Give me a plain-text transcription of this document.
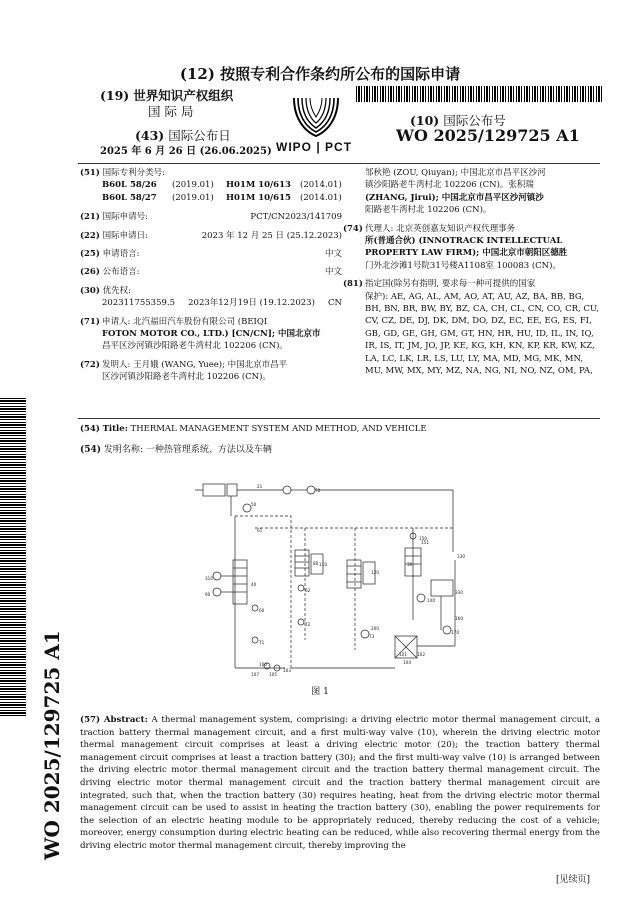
(12) 按照专利合作条约所公布的国际申请
(19) 世界知识产权组织
国 际 局
(43) 国际公布日
2025 年 6 月 26 日 (26.06.2025) WIPO | PCT
(10) 国际公布号
WO 2025/129725 A1
(51) 国际专利分类号:
B60L 58/26	(2019.01)	H01M 10/613	(2014.01)
B60L 58/27	(2019.01)	H01M 10/615	(2014.01)
(21) 国际申请号:	PCT/CN2023/141709
(22) 国际申请日:	2023 年 12 月 25 日 (25.12.2023)
(25) 申请语言:	中文
(26) 公布语言:	中文
(30) 优先权:
202311755359.5 2023年12月19日 (19.12.2023) CN
(71) 申请人: 北汽福田汽车股份有限公司 (BEIQI
FOTON MOTOR CO., LTD.) [CN/CN]; 中国北京市
昌平区沙河镇沙阳路老牛湾村北 102206 (CN)。
(72) 发明人: 王月娥 (WANG, Yuee); 中国北京市昌平
区沙河镇沙阳路老牛湾村北 102206 (CN)。
邹秋艳 (ZOU, Qiuyan); 中国北京市昌平区沙河
镇沙阳路老牛湾村北 102206 (CN)。张积瑞
(ZHANG, Jirui); 中国北京市昌平区沙河镇沙
阳路老牛湾村北 102206 (CN)。
(74) 代理人: 北京英创嘉友知识产权代理事务
所(普通合伙) (INNOTRACK INTELLECTUAL
PROPERTY LAW FIRM); 中国北京市朝阳区德胜
门外北沙滩1号院31号楼A1108室 100083 (CN)。
(81) 指定国(除另有指明, 要求每一种可提供的国家
保护): AE, AG, AL, AM, AO, AT, AU, AZ, BA, BB, BG,
BH, BN, BR, BW, BY, BZ, CA, CH, CL, CN, CO, CR, CU,
CV, CZ, DE, DJ, DK, DM, DO, DZ, EC, EE, EG, ES, FI,
GB, GD, GE, GH, GM, GT, HN, HR, HU, ID, IL, IN, IQ,
IR, IS, IT, JM, JO, JP, KE, KG, KH, KN, KP, KR, KW, KZ,
LA, LC, LK, LR, LS, LU, LY, MA, MD, MG, MK, MN,
MU, MW, MX, MY, MZ, NA, NG, NI, NO, NZ, OM, PA,
(54) Title: THERMAL MANAGEMENT SYSTEM AND METHOD, AND VEHICLE
(54) 发明名称: 一种热管理系统、方法以及车辆
21
30
80
90
100
101 102
103
104
105
107
110
120
130
140
150
151
160
170
200
310
330
40
50
60
61
62
70
71
72
73
图 1
(57) Abstract: A thermal management system, comprising: a driving electric motor thermal management circuit, a traction battery thermal management circuit, and a first multi-way valve (10), wherein the driving electric motor thermal management circuit comprises at least a driving electric motor (20); the traction battery thermal management circuit comprises at least a traction battery (30); and the first multi-way valve (10) is arranged between the driving electric motor thermal management circuit and the traction battery thermal management circuit. The driving electric motor thermal management circuit and the traction battery thermal management circuit are integrated, such that, when the traction battery (30) requires heating, heat from the driving electric motor thermal management circuit can be used to assist in heating the traction battery (30), enabling the power requirements for the selection of an electric heating module to be appropriately reduced, thereby reducing the cost of a vehicle; moreover, energy consumption during electric heating can be reduced, while also recovering thermal energy from the driving electric motor thermal management circuit, thereby improving the
WO 2025/129725 A1
[见续页]
